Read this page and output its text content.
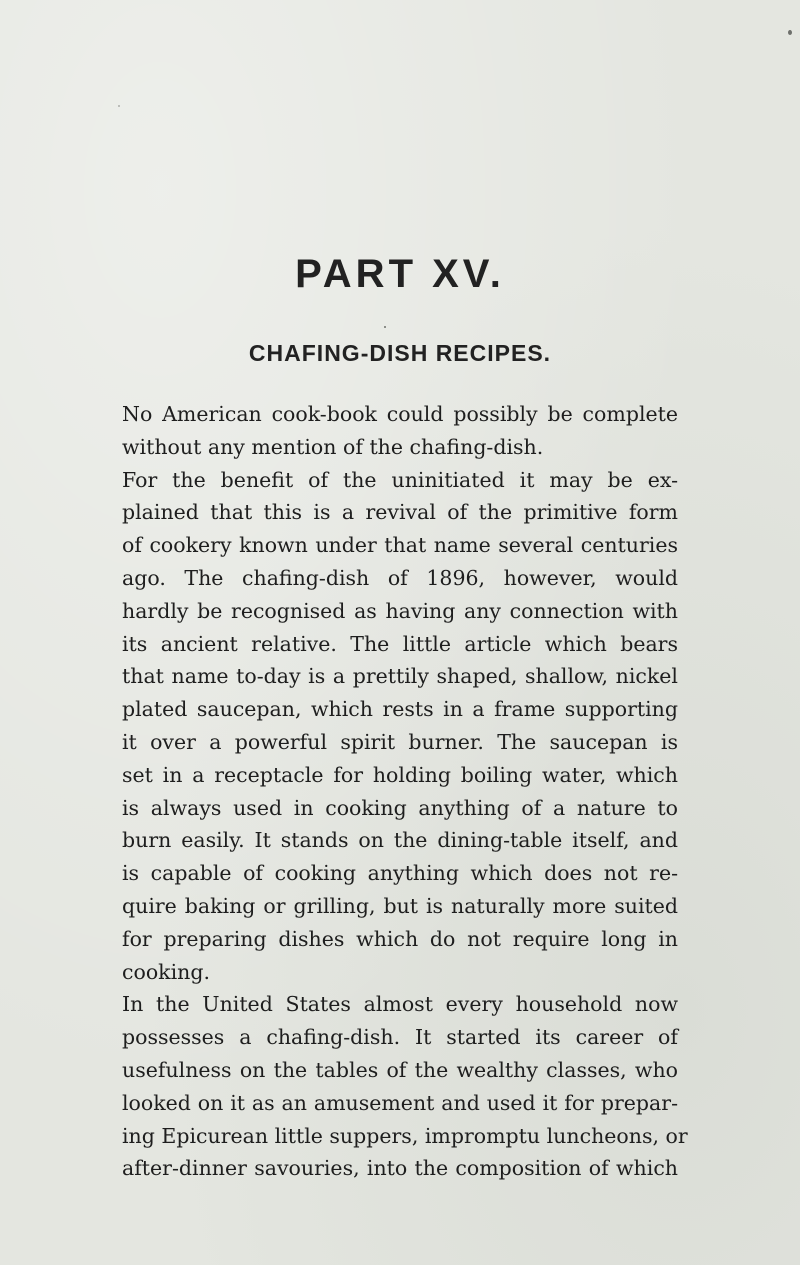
PART XV.
CHAFING-DISH RECIPES.

No American cook-book could possibly be complete
without any mention of the chafing-dish.

For the benefit of the uninitiated it may be ex-
plained that this is a revival of the primitive form
of cookery known under that name several centuries
ago. The chafing-dish of 1896, however, would
hardly be recognised as having any connection with
its ancient relative. The little article which bears
that name to-day is a prettily shaped, shallow, nickel
plated saucepan, which rests in a frame supporting
it over a powerful spirit burner. The saucepan is
set in a receptacle for holding boiling water, which
is always used in cooking anything of a nature to
burn easily. It stands on the dining-table itself, and
is capable of cooking anything which does not re-
quire baking or grilling, but is naturally more suited
for preparing dishes which do not require long in
cooking.

In the United States almost every household now
possesses a chafing-dish. It started its career of
usefulness on the tables of the wealthy classes, who
looked on it as an amusement and used it for prepar-
ing Epicurean little suppers, impromptu luncheons, or
after-dinner savouries, into the composition of which
